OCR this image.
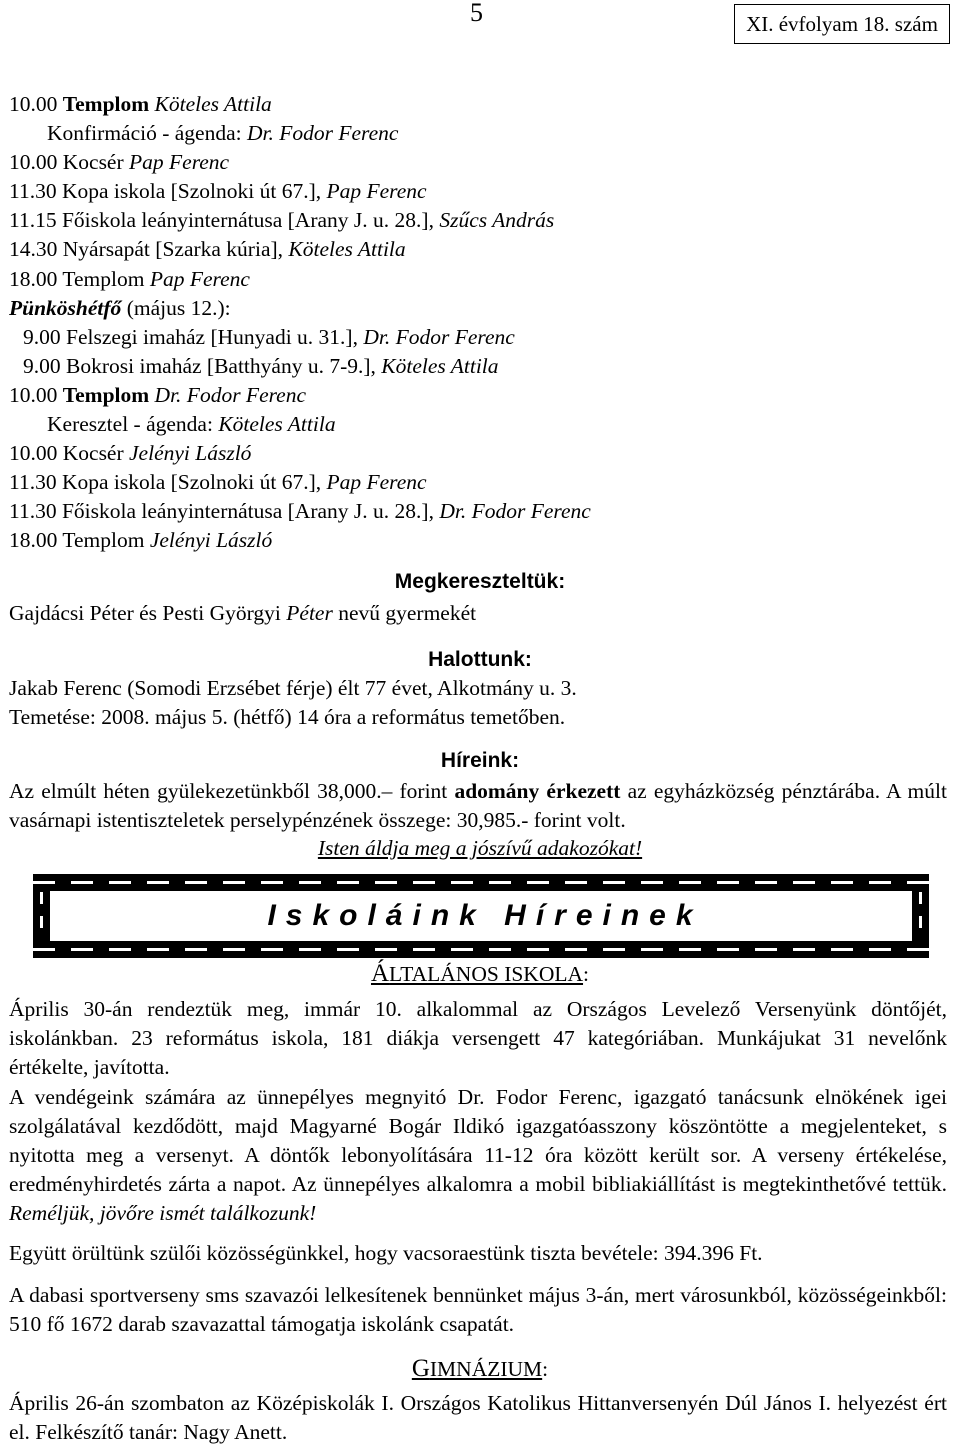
5	XI. évfolyam 18. szám
10.00 Templom Köteles Attila
Konfirmáció - ágenda: Dr. Fodor Ferenc
10.00 Kocsér Pap Ferenc
11.30 Kopa iskola [Szolnoki út 67.], Pap Ferenc
11.15 Főiskola leányinternátusa [Arany J. u. 28.], Szűcs András
14.30 Nyársapát [Szarka kúria], Köteles Attila
18.00 Templom Pap Ferenc
Pünköshétfő (május 12.):
9.00 Felszegi imaház [Hunyadi u. 31.], Dr. Fodor Ferenc
9.00 Bokrosi imaház [Batthyány u. 7-9.], Köteles Attila
10.00 Templom Dr. Fodor Ferenc
Keresztel - ágenda: Köteles Attila
10.00 Kocsér Jelényi László
11.30 Kopa iskola [Szolnoki út 67.], Pap Ferenc
11.30 Főiskola leányinternátusa [Arany J. u. 28.], Dr. Fodor Ferenc
18.00 Templom Jelényi László
Megkereszteltük:
Gajdácsi Péter és Pesti Györgyi Péter nevű gyermekét
Halottunk:
Jakab Ferenc (Somodi Erzsébet férje) élt 77 évet, Alkotmány u. 3.
Temetése: 2008. május 5. (hétfő) 14 óra a református temetőben.
Híreink:
Az elmúlt héten gyülekezetünkből 38,000.– forint adomány érkezett az egyházközség pénztárába. A múlt vasárnapi istentiszteletek perselypénzének összege: 30,985.- forint volt.
Isten áldja meg a jószívű adakozókat!
Iskoláink Híreinek
ÁLTALÁNOS ISKOLA:
Április 30-án rendeztük meg, immár 10. alkalommal az Országos Levelező Versenyünk döntőjét, iskolánkban. 23 református iskola, 181 diákja versengett 47 kategóriában. Munkájukat 31 nevelőnk értékelte, javította.
A vendégeink számára az ünnepélyes megnyitó Dr. Fodor Ferenc, igazgató tanácsunk elnökének igei szolgálatával kezdődött, majd Magyarné Bogár Ildikó igazgatóasszony köszöntötte a megjelenteket, s nyitotta meg a versenyt. A döntők lebonyolítására 11-12 óra között került sor. A verseny értékelése, eredményhirdetés zárta a napot. Az ünnepélyes alkalomra a mobil bibliakiállítást is megtekinthetővé tettük. Reméljük, jövőre ismét találkozunk!
Együtt örültünk szülői közösségünkkel, hogy vacsoraestünk tiszta bevétele: 394.396 Ft.
A dabasi sportverseny sms szavazói lelkesítenek bennünket május 3-án, mert városunkból, közösségeinkből: 510 fő 1672 darab szavazattal támogatja iskolánk csapatát.
GIMNÁZIUM:
Április 26-án szombaton az Középiskolák I. Országos Katolikus Hittanversenyén Dúl János I. helyezést ért el. Felkészítő tanár: Nagy Anett.
